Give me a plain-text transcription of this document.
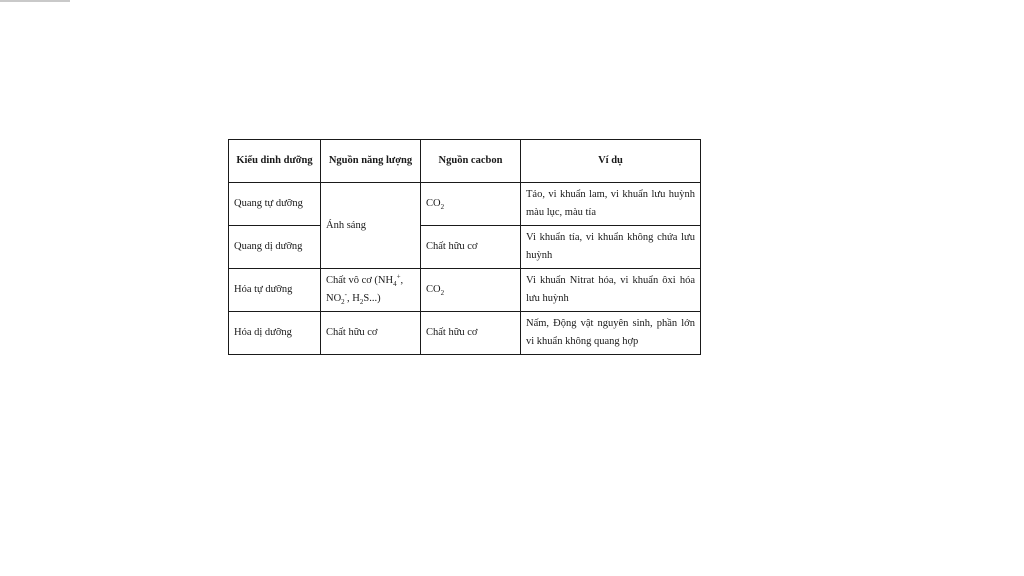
Kiểu dinh dưỡng	Nguồn năng lượng	Nguồn cacbon	Ví dụ
Quang tự dưỡng	Ánh sáng	$CO_2$	Tảo, vi khuẩn lam, vi khuẩn lưu huỳnh màu lục, màu tía
Quang dị dưỡng		Chất hữu cơ	Vi khuẩn tía, vi khuẩn không chứa lưu huỳnh
Hóa tự dưỡng	Chất vô cơ ($NH_4^+$, $NO_2^-$, $H_2S$...)	$CO_2$	Vi khuẩn Nitrat hóa, vi khuẩn ôxi hóa lưu huỳnh
Hóa dị dưỡng	Chất hữu cơ	Chất hữu cơ	Nấm, Động vật nguyên sinh, phần lớn vi khuẩn không quang hợp
